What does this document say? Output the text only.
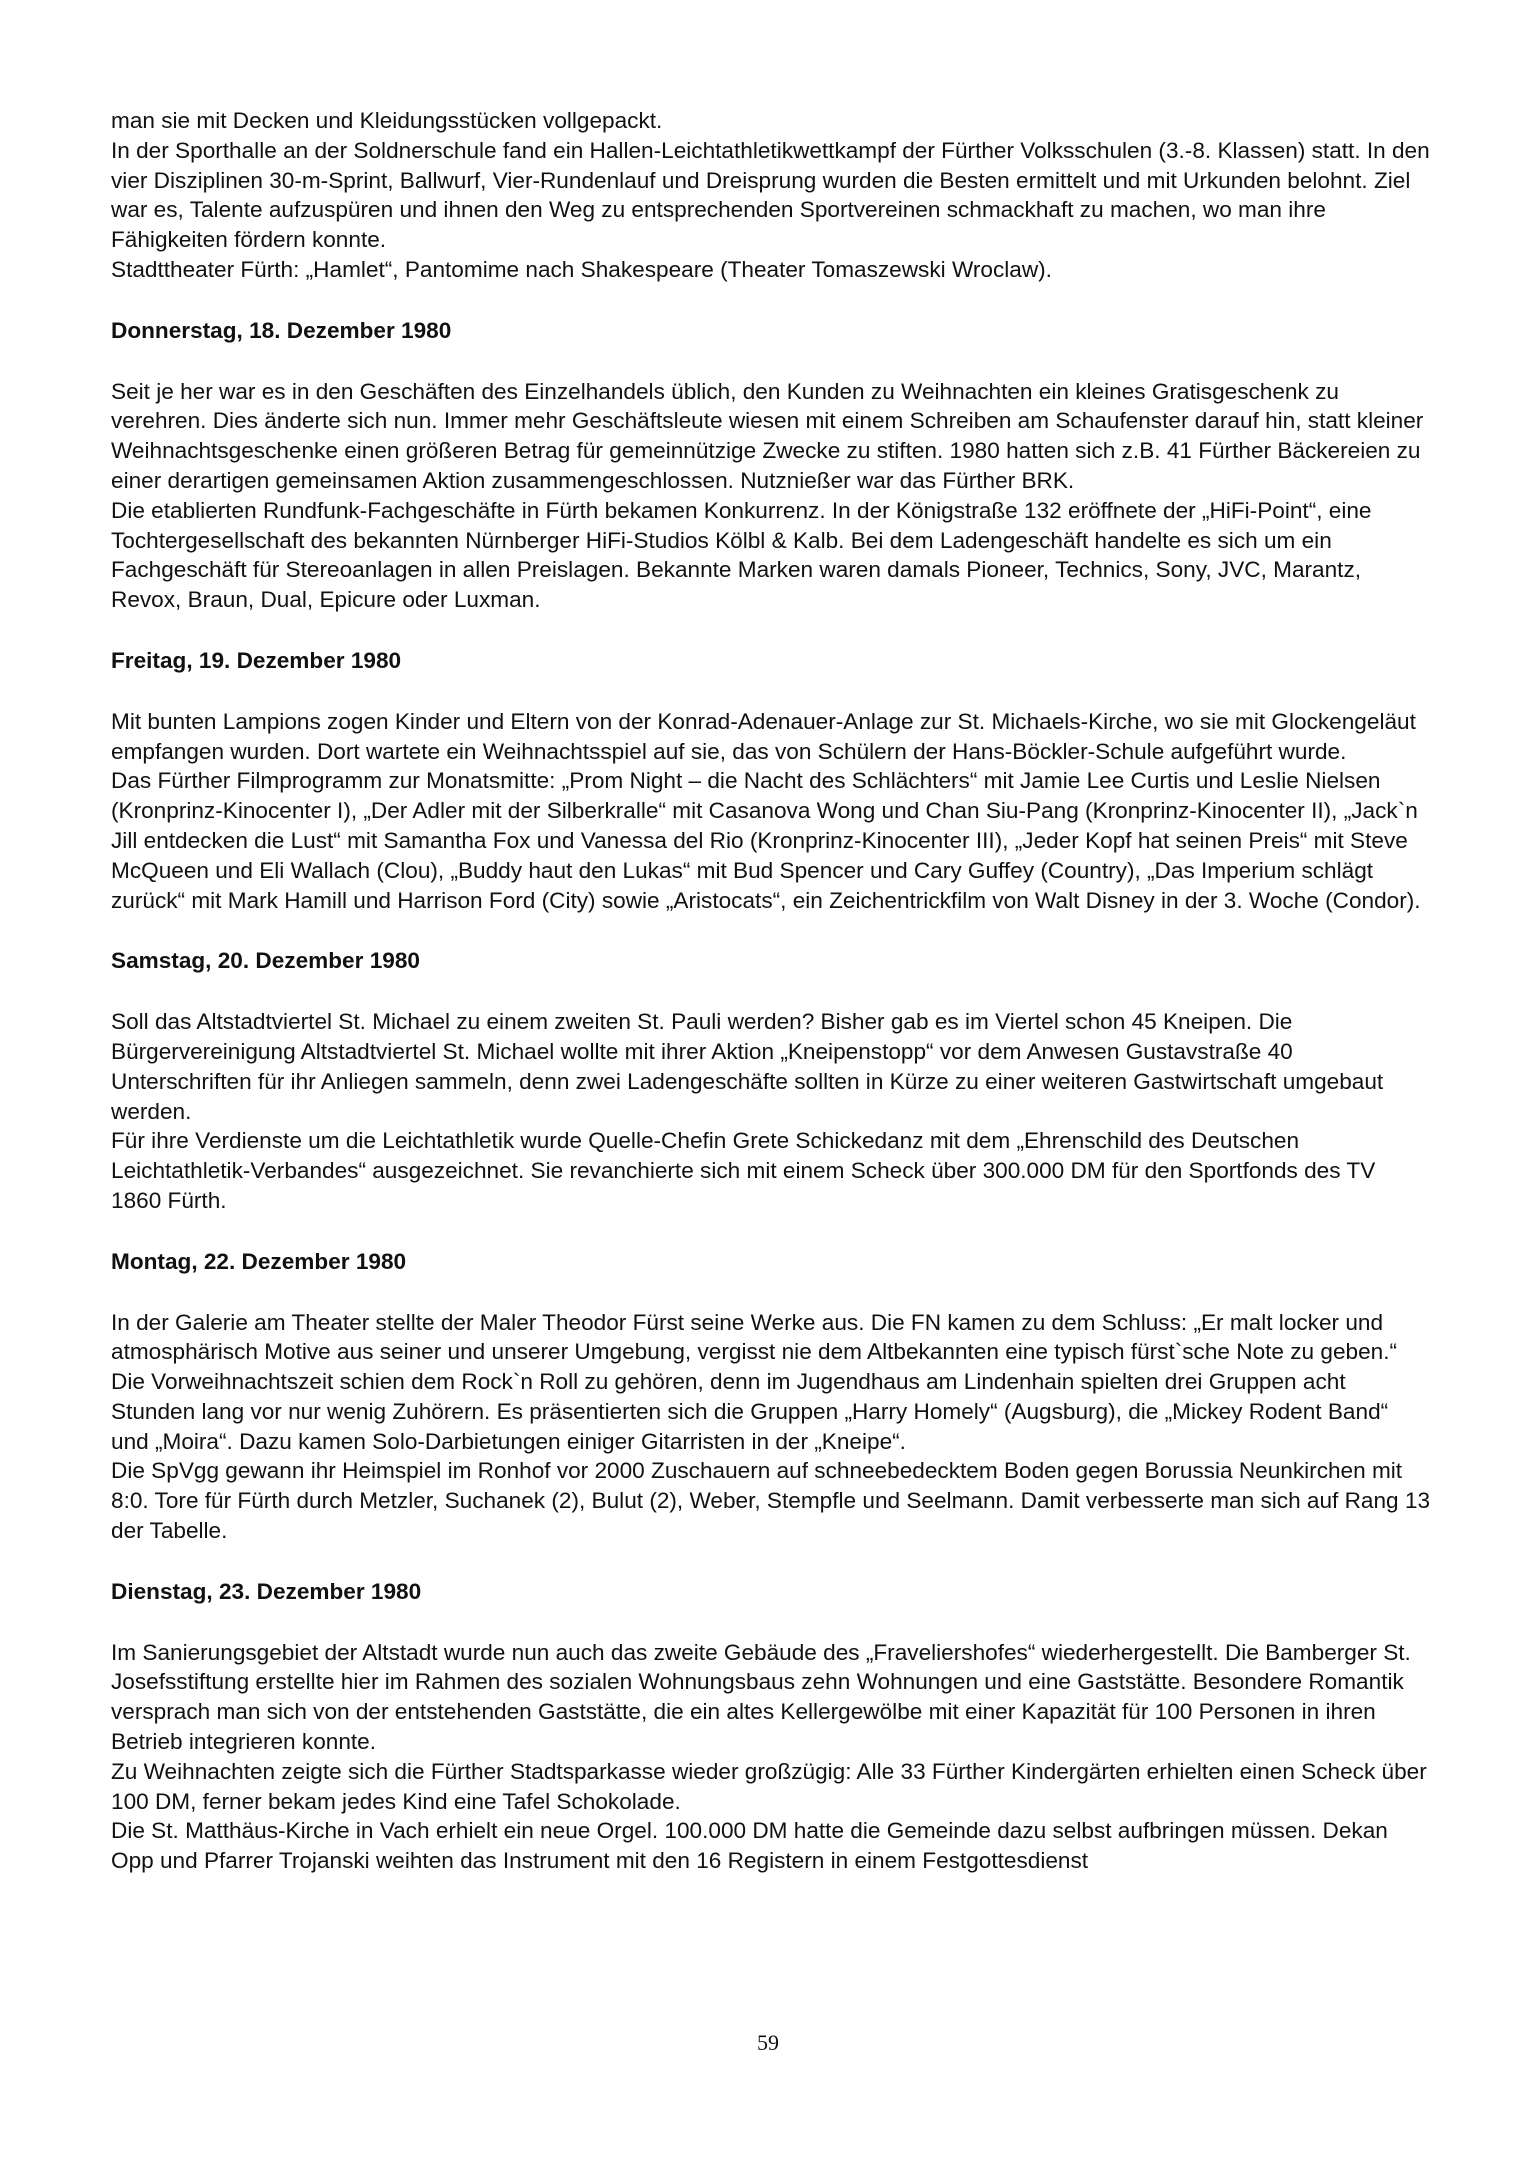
man sie mit Decken und Kleidungsstücken vollgepackt.

In der Sporthalle an der Soldnerschule fand ein Hallen-Leichtathletikwettkampf der Fürther Volksschulen (3.-8. Klassen) statt. In den vier Disziplinen 30-m-Sprint, Ballwurf, Vier-Rundenlauf und Dreisprung wurden die Besten ermittelt und mit Urkunden belohnt. Ziel war es, Talente aufzuspüren und ihnen den Weg zu entsprechenden Sportvereinen schmackhaft zu machen, wo man ihre Fähigkeiten fördern konnte.

Stadttheater Fürth: „Hamlet“, Pantomime nach Shakespeare (Theater Tomaszewski Wroclaw).

Donnerstag, 18. Dezember 1980

Seit je her war es in den Geschäften des Einzelhandels üblich, den Kunden zu Weihnachten ein kleines Gratisgeschenk zu verehren. Dies änderte sich nun. Immer mehr Geschäftsleute wiesen mit einem Schreiben am Schaufenster darauf hin, statt kleiner Weihnachtsgeschenke einen größeren Betrag für gemeinnützige Zwecke zu stiften. 1980 hatten sich z.B. 41 Fürther Bäckereien zu einer derartigen gemeinsamen Aktion zusammengeschlossen. Nutznießer war das Fürther BRK.

Die etablierten Rundfunk-Fachgeschäfte in Fürth bekamen Konkurrenz. In der Königstraße 132 eröffnete der „HiFi-Point“, eine Tochtergesellschaft des bekannten Nürnberger HiFi-Studios Kölbl & Kalb. Bei dem Ladengeschäft handelte es sich um ein Fachgeschäft für Stereoanlagen in allen Preislagen. Bekannte Marken waren damals Pioneer, Technics, Sony, JVC, Marantz, Revox, Braun, Dual, Epicure oder Luxman.

Freitag, 19. Dezember 1980

Mit bunten Lampions zogen Kinder und Eltern von der Konrad-Adenauer-Anlage zur St. Michaels-Kirche, wo sie mit Glockengeläut empfangen wurden. Dort wartete ein Weihnachtsspiel auf sie, das von Schülern der Hans-Böckler-Schule aufgeführt wurde.

Das Fürther Filmprogramm zur Monatsmitte: „Prom Night – die Nacht des Schlächters“ mit Jamie Lee Curtis und Leslie Nielsen (Kronprinz-Kinocenter I), „Der Adler mit der Silberkralle“ mit Casanova Wong und Chan Siu-Pang (Kronprinz-Kinocenter II), „Jack`n Jill entdecken die Lust“ mit Samantha Fox und Vanessa del Rio (Kronprinz-Kinocenter III), „Jeder Kopf hat seinen Preis“ mit Steve McQueen und Eli Wallach (Clou), „Buddy haut den Lukas“ mit Bud Spencer und Cary Guffey (Country), „Das Imperium schlägt zurück“ mit Mark Hamill und Harrison Ford (City) sowie „Aristocats“, ein Zeichentrickfilm von Walt Disney in der 3. Woche (Condor).

Samstag, 20. Dezember 1980

Soll das Altstadtviertel St. Michael zu einem zweiten St. Pauli werden? Bisher gab es im Viertel schon 45 Kneipen. Die Bürgervereinigung Altstadtviertel St. Michael wollte mit ihrer Aktion „Kneipenstopp“ vor dem Anwesen Gustavstraße 40 Unterschriften für ihr Anliegen sammeln, denn zwei Ladengeschäfte sollten in Kürze zu einer weiteren Gastwirtschaft umgebaut werden.

Für ihre Verdienste um die Leichtathletik wurde Quelle-Chefin Grete Schickedanz mit dem „Ehrenschild des Deutschen Leichtathletik-Verbandes“ ausgezeichnet. Sie revanchierte sich mit einem Scheck über 300.000 DM für den Sportfonds des TV 1860 Fürth.

Montag, 22. Dezember 1980

In der Galerie am Theater stellte der Maler Theodor Fürst seine Werke aus. Die FN kamen zu dem Schluss: „Er malt locker und atmosphärisch Motive aus seiner und unserer Umgebung, vergisst nie dem Altbekannten eine typisch fürst`sche Note zu geben.“

Die Vorweihnachtszeit schien dem Rock`n Roll zu gehören, denn im Jugendhaus am Lindenhain spielten drei Gruppen acht Stunden lang vor nur wenig Zuhörern. Es präsentierten sich die Gruppen „Harry Homely“ (Augsburg), die „Mickey Rodent Band“ und „Moira“. Dazu kamen Solo-Darbietungen einiger Gitarristen in der „Kneipe“.

Die SpVgg gewann ihr Heimspiel im Ronhof vor 2000 Zuschauern auf schneebedecktem Boden gegen Borussia Neunkirchen mit 8:0. Tore für Fürth durch Metzler, Suchanek (2), Bulut (2), Weber, Stempfle und Seelmann. Damit verbesserte man sich auf Rang 13 der Tabelle.

Dienstag, 23. Dezember 1980

Im Sanierungsgebiet der Altstadt wurde nun auch das zweite Gebäude des „Fraveliershofes“ wiederhergestellt. Die Bamberger St. Josefsstiftung erstellte hier im Rahmen des sozialen Wohnungsbaus zehn Wohnungen und eine Gaststätte. Besondere Romantik versprach man sich von der entstehenden Gaststätte, die ein altes Kellergewölbe mit einer Kapazität für 100 Personen in ihren Betrieb integrieren konnte.

Zu Weihnachten zeigte sich die Fürther Stadtsparkasse wieder großzügig: Alle 33 Fürther Kindergärten erhielten einen Scheck über 100 DM, ferner bekam jedes Kind eine Tafel Schokolade.

Die St. Matthäus-Kirche in Vach erhielt ein neue Orgel. 100.000 DM hatte die Gemeinde dazu selbst aufbringen müssen. Dekan Opp und Pfarrer Trojanski weihten das Instrument mit den 16 Registern in einem Festgottesdienst

59
